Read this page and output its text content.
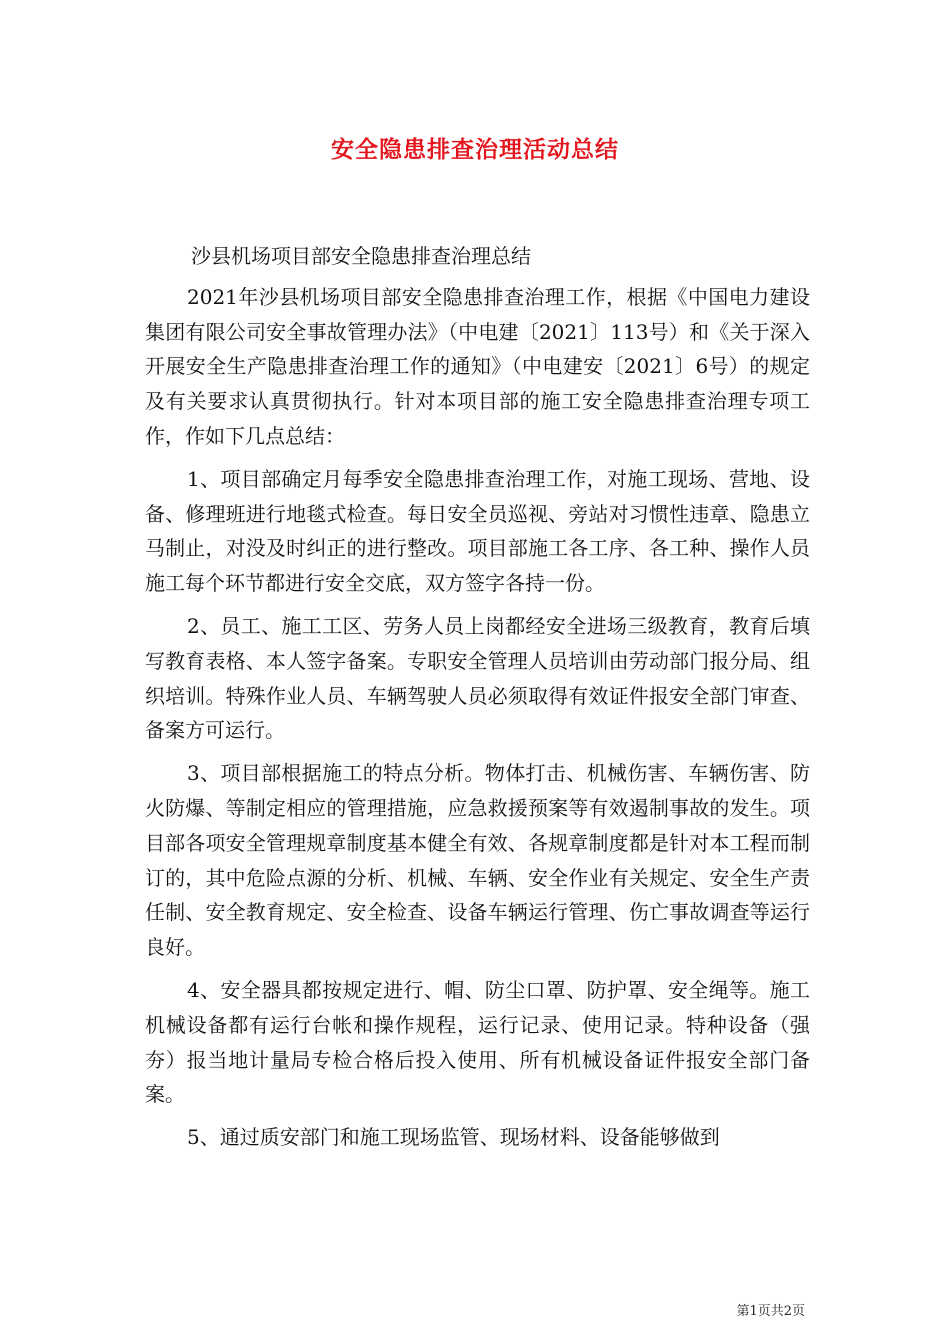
安全隐患排查治理活动总结

沙县机场项目部安全隐患排查治理总结

2021年沙县机场项目部安全隐患排查治理工作，根据《中国电力建设集团有限公司安全事故管理办法》（中电建〔2021〕113号）和《关于深入开展安全生产隐患排查治理工作的通知》（中电建安〔2021〕6号）的规定及有关要求认真贯彻执行。针对本项目部的施工安全隐患排查治理专项工作，作如下几点总结：

1、项目部确定月每季安全隐患排查治理工作，对施工现场、营地、设备、修理班进行地毯式检查。每日安全员巡视、旁站对习惯性违章、隐患立马制止，对没及时纠正的进行整改。项目部施工各工序、各工种、操作人员施工每个环节都进行安全交底，双方签字各持一份。

2、员工、施工工区、劳务人员上岗都经安全进场三级教育，教育后填写教育表格、本人签字备案。专职安全管理人员培训由劳动部门报分局、组织培训。特殊作业人员、车辆驾驶人员必须取得有效证件报安全部门审查、备案方可运行。

3、项目部根据施工的特点分析。物体打击、机械伤害、车辆伤害、防火防爆、等制定相应的管理措施，应急救援预案等有效遏制事故的发生。项目部各项安全管理规章制度基本健全有效、各规章制度都是针对本工程而制订的，其中危险点源的分析、机械、车辆、安全作业有关规定、安全生产责任制、安全教育规定、安全检查、设备车辆运行管理、伤亡事故调查等运行良好。

4、安全器具都按规定进行、帽、防尘口罩、防护罩、安全绳等。施工机械设备都有运行台帐和操作规程，运行记录、使用记录。特种设备（强夯）报当地计量局专检合格后投入使用、所有机械设备证件报安全部门备案。

5、通过质安部门和施工现场监管、现场材料、设备能够做到

第1页共2页
